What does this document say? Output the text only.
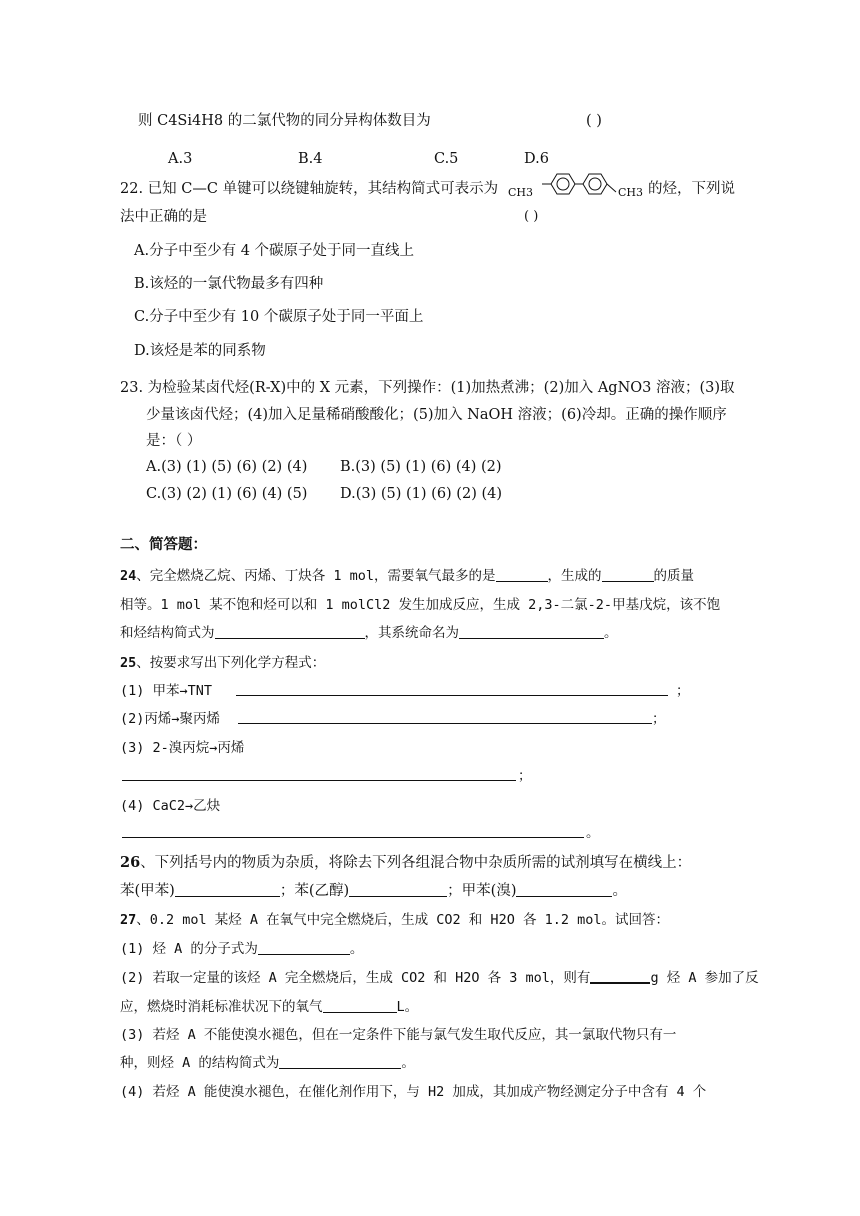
则 C4Si4H8 的二氯代物的同分异构体数目为	( )
A.3	B.4	C.5	D.6
22. 已知 C—C 单键可以绕键轴旋转，其结构简式可表示为 CH3	CH3 的烃，下列说
法中正确的是	( )
A.分子中至少有 4 个碳原子处于同一直线上
B.该烃的一氯代物最多有四种
C.分子中至少有 10 个碳原子处于同一平面上
D.该烃是苯的同系物
23. 为检验某卤代烃(R-X)中的 X 元素，下列操作：(1)加热煮沸；(2)加入 AgNO3 溶液；(3)取
少量该卤代烃；(4)加入足量稀硝酸酸化；(5)加入 NaOH 溶液；(6)冷却。正确的操作顺序
是：（ ）
A.(3) (1) (5) (6) (2) (4) B.(3) (5) (1) (6) (4) (2)
C.(3) (2) (1) (6) (4) (5) D.(3) (5) (1) (6) (2) (4)
二、简答题：
24、完全燃烧乙烷、丙烯、丁炔各 1 mol，需要氧气最多的是	，生成的	的质量
相等。1 mol 某不饱和烃可以和 1 molCl2 发生加成反应，生成 2,3-二氯-2-甲基戊烷，该不饱
和烃结构简式为	，其系统命名为	。
25、按要求写出下列化学方程式：
(1) 甲苯→TNT	；
(2)丙烯→聚丙烯	；
(3) 2-溴丙烷→丙烯
；
(4) CaC2→乙炔
。
26、下列括号内的物质为杂质，将除去下列各组混合物中杂质所需的试剂填写在横线上：
苯(甲苯)	；苯(乙醇)	；甲苯(溴)	。
27、0.2 mol 某烃 A 在氧气中完全燃烧后，生成 CO2 和 H2O 各 1.2 mol。试回答：
(1) 烃 A 的分子式为	。
(2) 若取一定量的该烃 A 完全燃烧后，生成 CO2 和 H2O 各 3 mol，则有	g 烃 A 参加了反
应，燃烧时消耗标准状况下的氧气	L。
(3) 若烃 A 不能使溴水褪色，但在一定条件下能与氯气发生取代反应，其一氯取代物只有一
种，则烃 A 的结构简式为	。
(4) 若烃 A 能使溴水褪色，在催化剂作用下，与 H2 加成，其加成产物经测定分子中含有 4 个
